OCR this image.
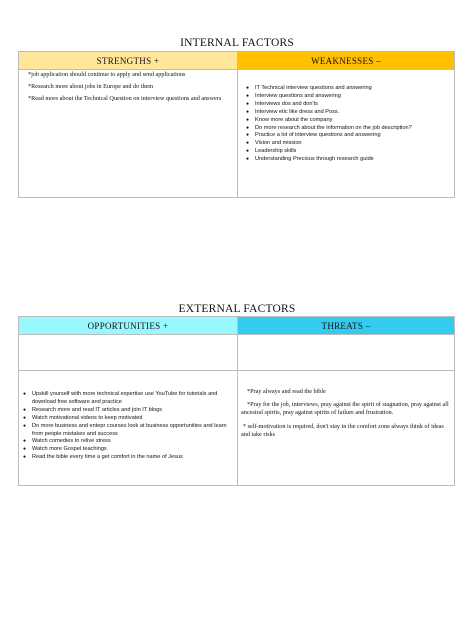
INTERNAL FACTORS
STRENGTHS +	WEAKNESSES –

*job application should continue to apply and send applications

*Research more about jobs in Europe and do them

*Read more about the Technical Question on interview questions and answers

● IT Technical interview questions and answering
● Interview questions and answering
● Interviews dos and don'ts
● Interview etic like dress and Poss.
● Know more about the company
● Do more research about the information on the job description?
● Practice a lot of interview questions and answering
● Vision and mission
● Leadership skills
● Understanding Precious through research guide
EXTERNAL FACTORS
OPPORTUNITIES +	THREATS –
● Upskill yourself with more technical expertise use YouTube for tutorials and download free software and practice
● Research more and read IT articles and join IT blogs
● Watch motivational videos to keep motivated
● Do more business and entepr courses look at business opportunities and learn from people mistakes and success
● Watch comedies to relive stress
● Watch more Gospel teachings
● Read the bible every time a get comfort in the name of Jesus

*Pray always and read the bible

*Pray for the job, interviews, pray against the spirit of stagnation, pray against all ancestral spirits, pray against spirits of failure and frustration.

* self-motivation is required, don't stay in the comfort zone always think of ideas and take risks
